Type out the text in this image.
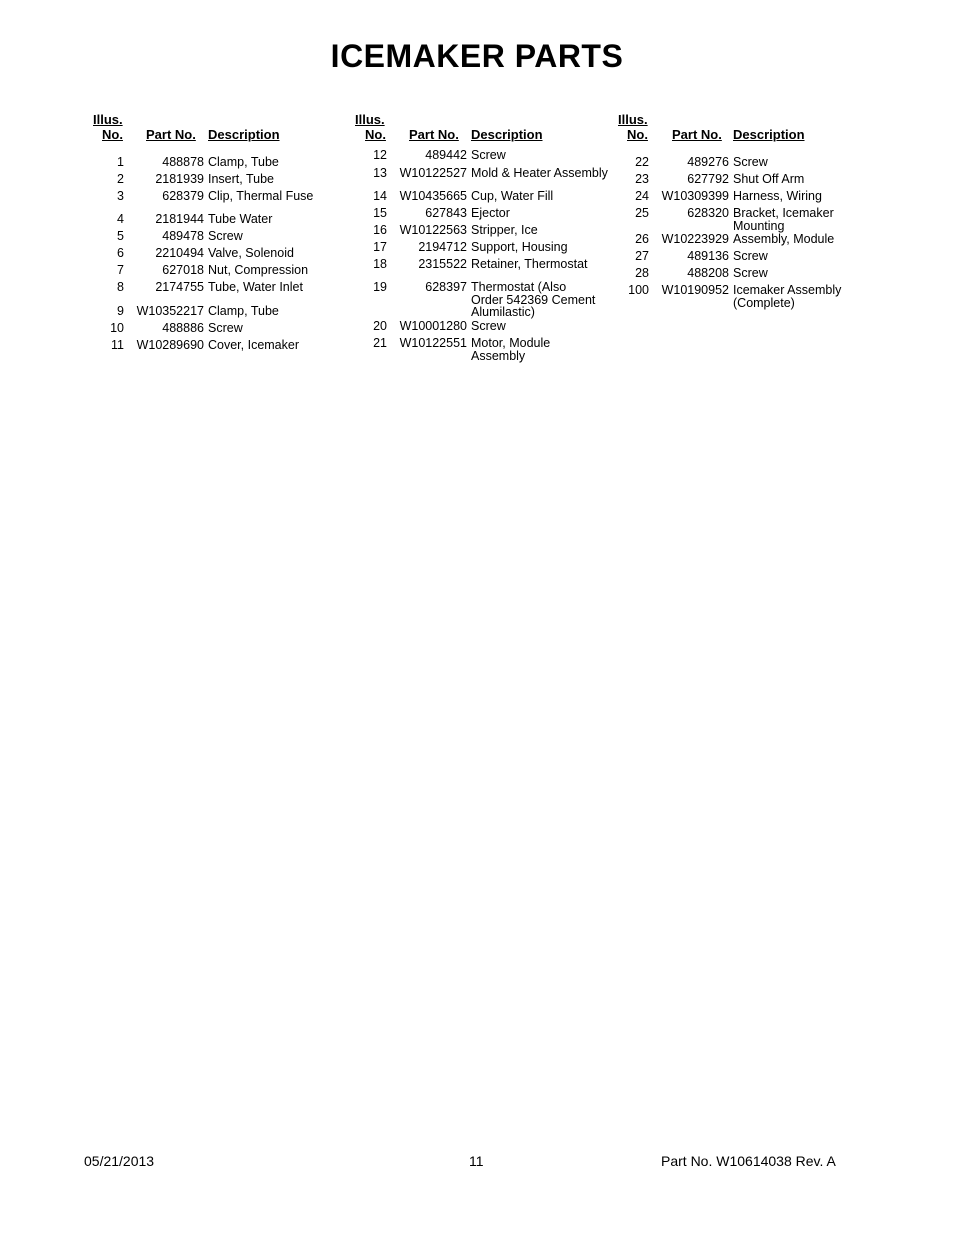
ICEMAKER PARTS
Illus.
No. Part No. Description
1	488878 Clamp, Tube
2	2181939 Insert, Tube
3	628379 Clip, Thermal Fuse
4	2181944 Tube Water
5	489478 Screw
6	2210494 Valve, Solenoid
7	627018 Nut, Compression
8	2174755 Tube, Water Inlet
9	W10352217 Clamp, Tube
10	488886 Screw
11	W10289690 Cover, Icemaker
Illus.
No. Part No. Description
12	489442 Screw
13	W10122527 Mold & Heater Assembly
14	W10435665 Cup, Water Fill
15	627843 Ejector
16	W10122563 Stripper, Ice
17	2194712 Support, Housing
18	2315522 Retainer, Thermostat
19	628397 Thermostat (Also
Order 542369 Cement
Alumilastic)
20	W10001280 Screw
21	W10122551 Motor, Module
Assembly
Illus.
No. Part No. Description
22	489276 Screw
23	627792 Shut Off Arm
24	W10309399 Harness, Wiring
25	628320 Bracket, Icemaker
Mounting
26	W10223929 Assembly, Module
27	489136 Screw
28	488208 Screw
100	W10190952 Icemaker Assembly
(Complete)
05/21/2013	11	Part No. W10614038 Rev. A
